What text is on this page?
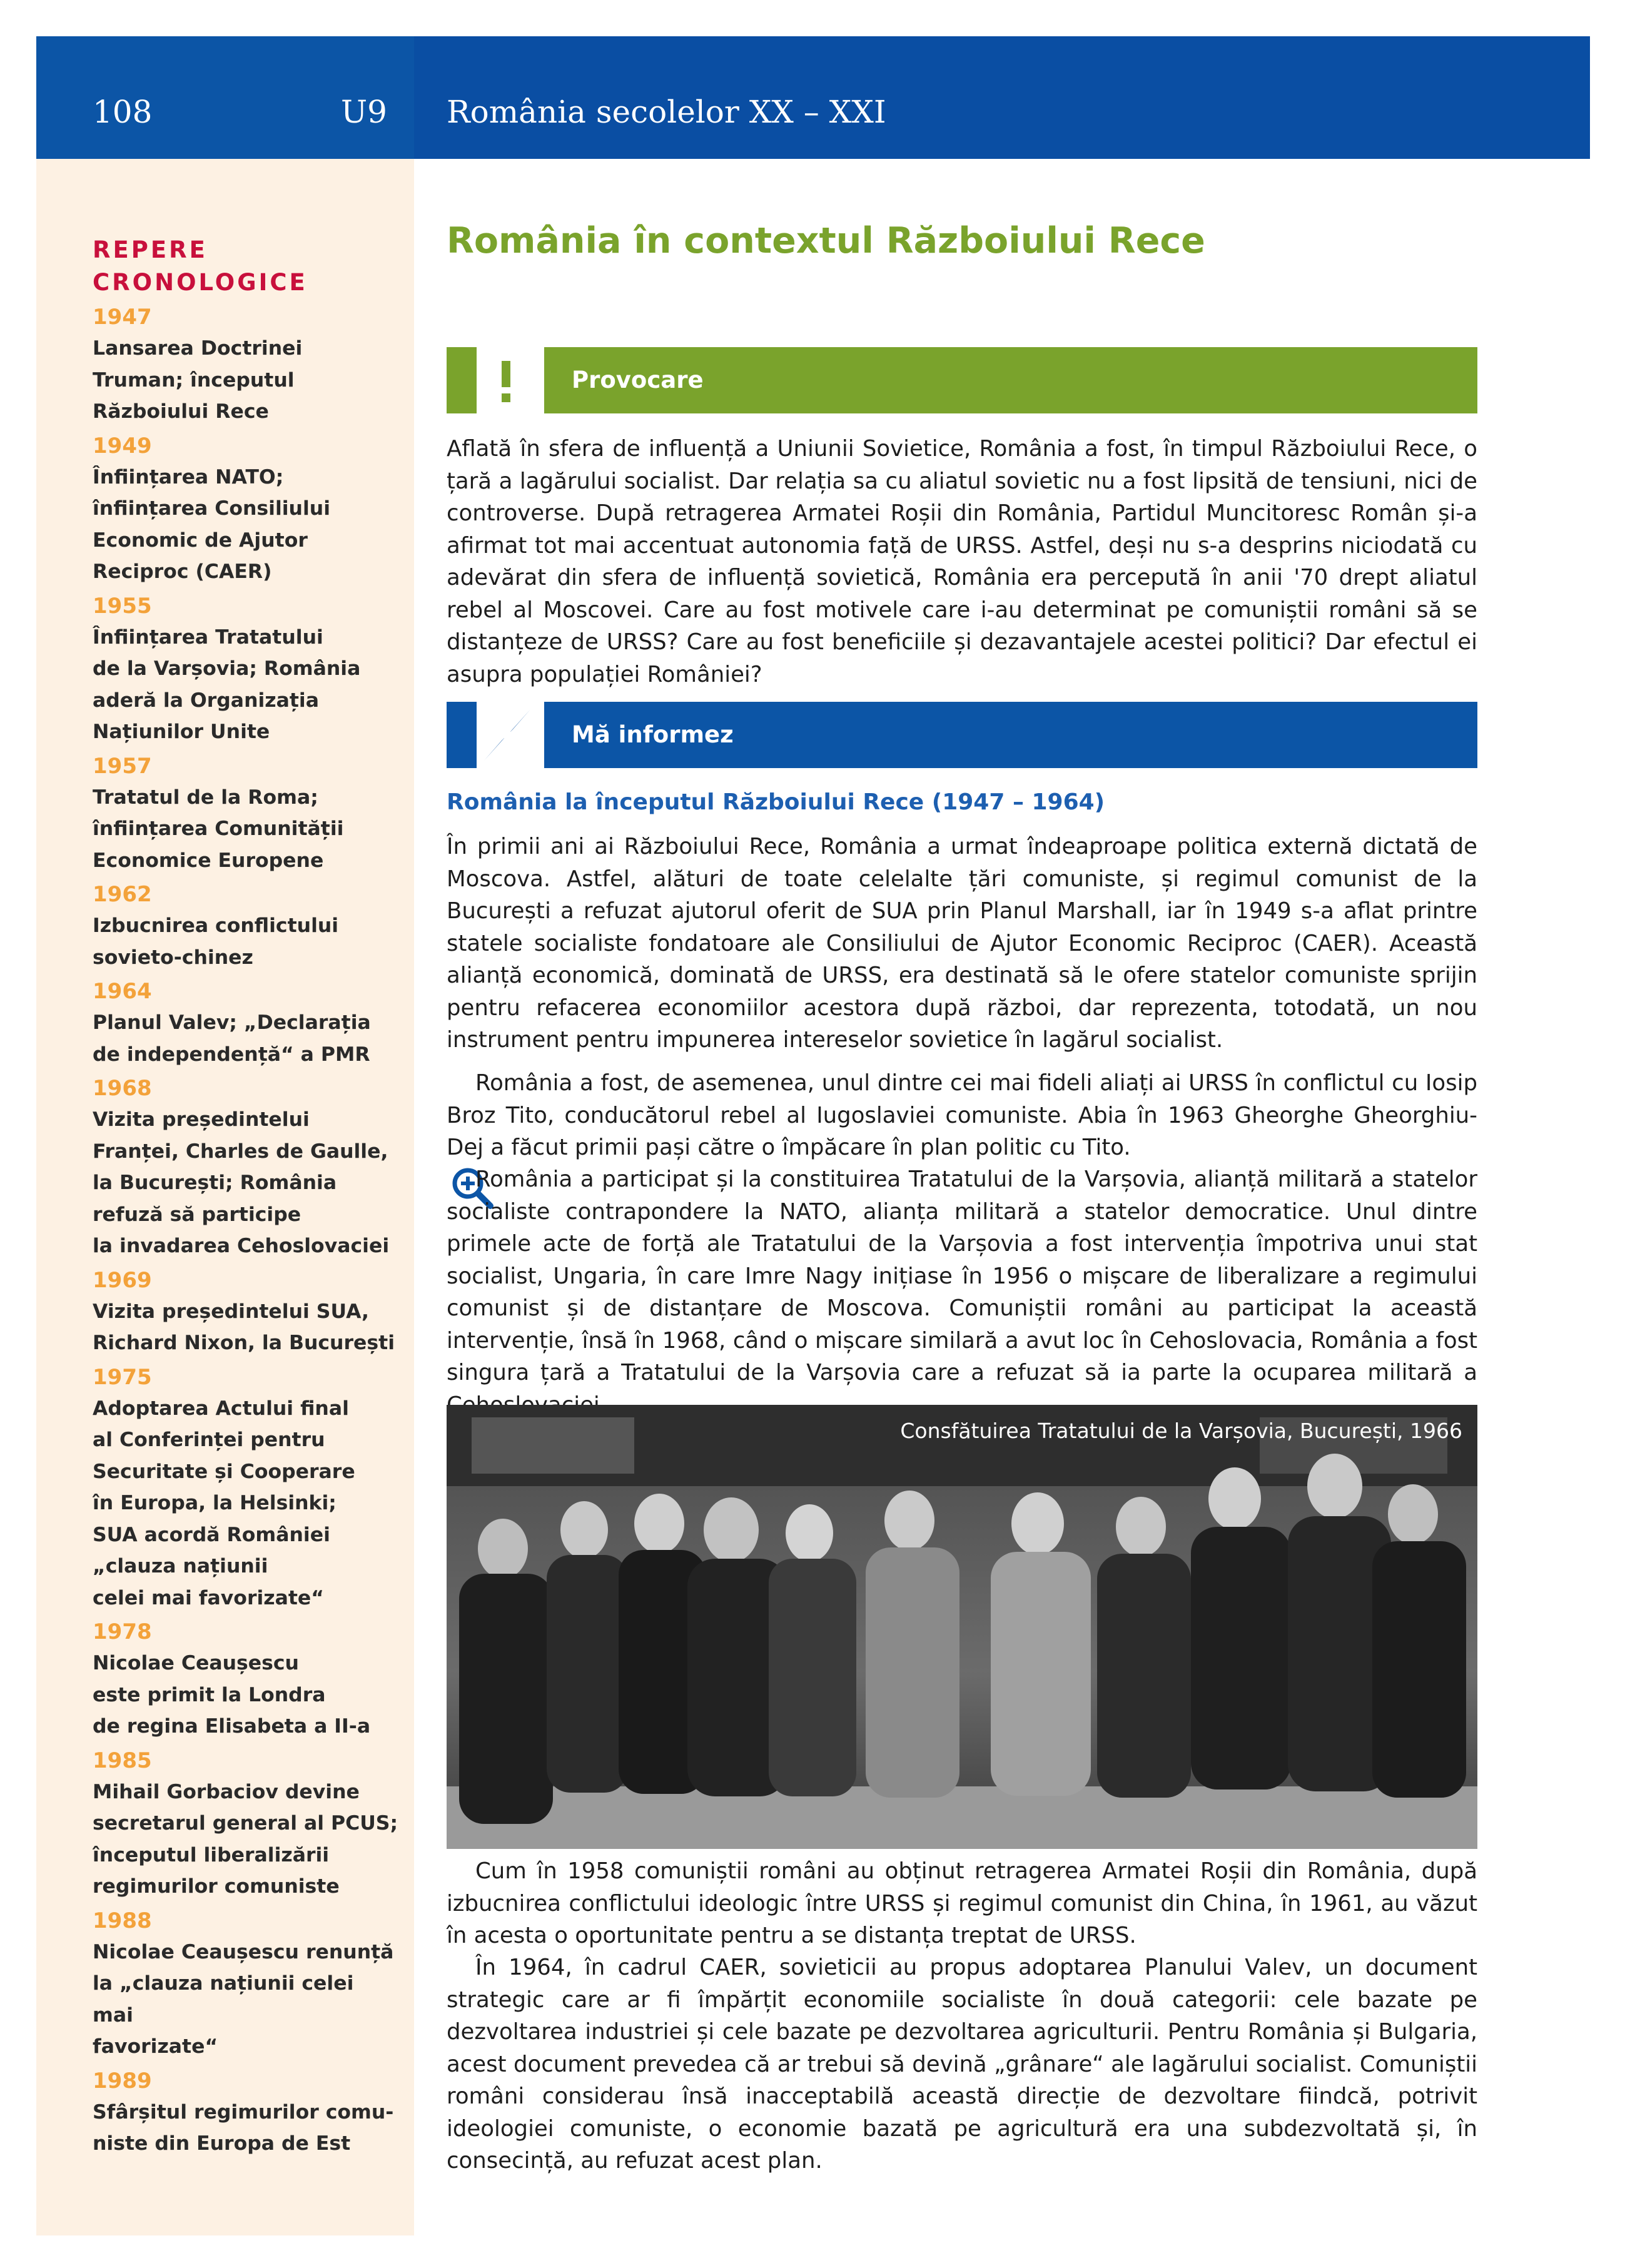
108	U9 România secolelor XX – XXI
REPERE
CRONOLOGICE
1947
Lansarea Doctrinei
Truman; începutul
Războiului Rece
1949
Înființarea NATO;
înființarea Consiliului
Economic de Ajutor
Reciproc (CAER)
1955
Înființarea Tratatului
de la Varșovia; România
aderă la Organizația
Națiunilor Unite
1957
Tratatul de la Roma;
înființarea Comunității
Economice Europene
1962
Izbucnirea conflictului
sovieto-chinez
1964
Planul Valev; „Declarația
de independență“ a PMR
1968
Vizita președintelui
Franței, Charles de Gaulle,
la București; România
refuză să participe
la invadarea Cehoslovaciei
1969
Vizita președintelui SUA,
Richard Nixon, la București
1975
Adoptarea Actului final
al Conferinței pentru
Securitate și Cooperare
în Europa, la Helsinki;
SUA acordă României
„clauza națiunii
celei mai favorizate“
1978
Nicolae Ceaușescu
este primit la Londra
de regina Elisabeta a II-a
1985
Mihail Gorbaciov devine
secretarul general al PCUS;
începutul liberalizării
regimurilor comuniste
1988
Nicolae Ceaușescu renunță
la „clauza națiunii celei mai
favorizate“
1989
Sfârșitul regimurilor comu-
niste din Europa de Est
România în contextul Războiului Rece
Provocare
Aflată în sfera de influență a Uniunii Sovietice, România a fost, în timpul Războiului Rece, o țară a lagărului socialist. Dar relația sa cu aliatul sovietic nu a fost lipsită de tensiuni, nici de controverse. După retragerea Armatei Roșii din România, Partidul Muncitoresc Român și-a afirmat tot mai accentuat autonomia față de URSS. Astfel, deși nu s-a desprins niciodată cu adevărat din sfera de influență sovietică, România era percepută în anii '70 drept aliatul rebel al Moscovei. Care au fost motivele care i-au determinat pe comuniștii români să se distanțeze de URSS? Care au fost beneficiile și dezavantajele acestei politici? Dar efectul ei asupra populației României?
Mă informez
România la începutul Războiului Rece (1947 – 1964)
În primii ani ai Războiului Rece, România a urmat îndeaproape politica externă dictată de Moscova. Astfel, alături de toate celelalte țări comuniste, și regimul comunist de la București a refuzat ajutorul oferit de SUA prin Planul Marshall, iar în 1949 s-a aflat printre statele socialiste fondatoare ale Consiliului de Ajutor Economic Reciproc (CAER). Această alianță economică, dominată de URSS, era destinată să le ofere statelor comuniste sprijin pentru refacerea economiilor acestora după război, dar reprezenta, totodată, un nou instrument pentru impunerea intereselor sovietice în lagărul socialist.
România a fost, de asemenea, unul dintre cei mai fideli aliați ai URSS în conflictul cu Iosip Broz Tito, conducătorul rebel al Iugoslaviei comuniste. Abia în 1963 Gheorghe Gheorghiu-Dej a făcut primii pași către o împăcare în plan politic cu Tito.
România a participat și la constituirea Tratatului de la Varșovia, alianță militară a statelor socialiste contrapondere la NATO, alianța militară a statelor democratice. Unul dintre primele acte de forță ale Tratatului de la Varșovia a fost intervenția împotriva unui stat socialist, Ungaria, în care Imre Nagy inițiase în 1956 o mișcare de liberalizare a regimului comunist și de distanțare de Moscova. Comuniștii români au participat la această intervenție, însă în 1968, când o mișcare similară a avut loc în Cehoslovacia, România a fost singura țară a Tratatului de la Varșovia care a refuzat să ia parte la ocuparea militară a
Consfătuirea Tratatului de la Varșovia, București, 1966
Cum în 1958 comuniștii români au obținut retragerea Armatei Roșii din România, după izbucnirea conflictului ideologic între URSS și regimul comunist din China, în 1961, au văzut în acesta o oportunitate pentru a se distanța treptat de URSS.
În 1964, în cadrul CAER, sovieticii au propus adoptarea Planului Valev, un document strategic care ar fi împărțit economiile socialiste în două categorii: cele bazate pe dezvoltarea industriei și cele bazate pe dezvoltarea agriculturii. Pentru România și Bulgaria, acest document prevedea că ar trebui să devină „grânare“ ale lagărului socialist. Comuniștii români considerau însă inacceptabilă această direcție de dezvoltare fiindcă, potrivit ideologiei comuniste, o economie bazată pe agricultură era una subdezvoltată și, în consecință, au refuzat acest plan.
